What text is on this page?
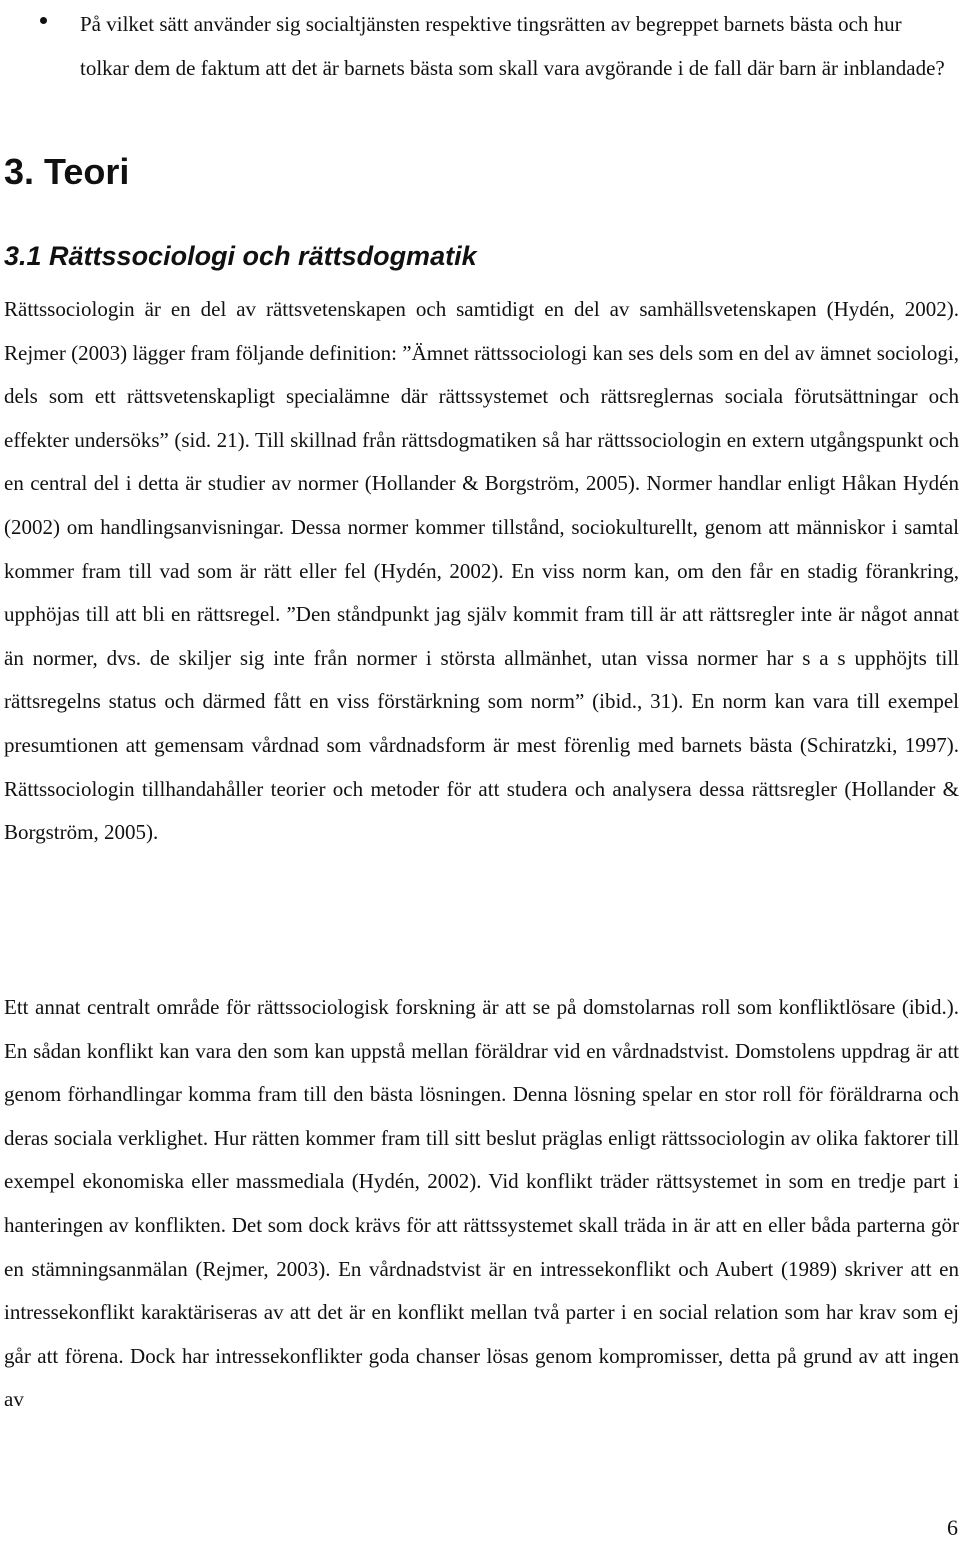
På vilket sätt använder sig socialtjänsten respektive tingsrätten av begreppet barnets bästa och hur tolkar dem de faktum att det är barnets bästa som skall vara avgörande i de fall där barn är inblandade?
3. Teori
3.1 Rättssociologi och rättsdogmatik

Rättssociologin är en del av rättsvetenskapen och samtidigt en del av samhällsvetenskapen (Hydén, 2002). Rejmer (2003) lägger fram följande definition: ”Ämnet rättssociologi kan ses dels som en del av ämnet sociologi, dels som ett rättsvetenskapligt specialämne där rättssystemet och rättsreglernas sociala förutsättningar och effekter undersöks” (sid. 21). Till skillnad från rättsdogmatiken så har rättssociologin en extern utgångspunkt och en central del i detta är studier av normer (Hollander & Borgström, 2005). Normer handlar enligt Håkan Hydén (2002) om handlingsanvisningar. Dessa normer kommer tillstånd, sociokulturellt, genom att människor i samtal kommer fram till vad som är rätt eller fel (Hydén, 2002). En viss norm kan, om den får en stadig förankring, upphöjas till att bli en rättsregel. ”Den ståndpunkt jag själv kommit fram till är att rättsregler inte är något annat än normer, dvs. de skiljer sig inte från normer i största allmänhet, utan vissa normer har s a s upphöjts till rättsregelns status och därmed fått en viss förstärkning som norm” (ibid., 31). En norm kan vara till exempel presumtionen att gemensam vårdnad som vårdnadsform är mest förenlig med barnets bästa (Schiratzki, 1997). Rättssociologin tillhandahåller teorier och metoder för att studera och analysera dessa rättsregler (Hollander & Borgström, 2005).

Ett annat centralt område för rättssociologisk forskning är att se på domstolarnas roll som konfliktlösare (ibid.). En sådan konflikt kan vara den som kan uppstå mellan föräldrar vid en vårdnadstvist. Domstolens uppdrag är att genom förhandlingar komma fram till den bästa lösningen. Denna lösning spelar en stor roll för föräldrarna och deras sociala verklighet. Hur rätten kommer fram till sitt beslut präglas enligt rättssociologin av olika faktorer till exempel ekonomiska eller massmediala (Hydén, 2002). Vid konflikt träder rättsystemet in som en tredje part i hanteringen av konflikten. Det som dock krävs för att rättssystemet skall träda in är att en eller båda parterna gör en stämningsanmälan (Rejmer, 2003). En vårdnadstvist är en intressekonflikt och Aubert (1989) skriver att en intressekonflikt karaktäriseras av att det är en konflikt mellan två parter i en social relation som har krav som ej går att förena. Dock har intressekonflikter goda chanser lösas genom kompromisser, detta på grund av att ingen av

6
